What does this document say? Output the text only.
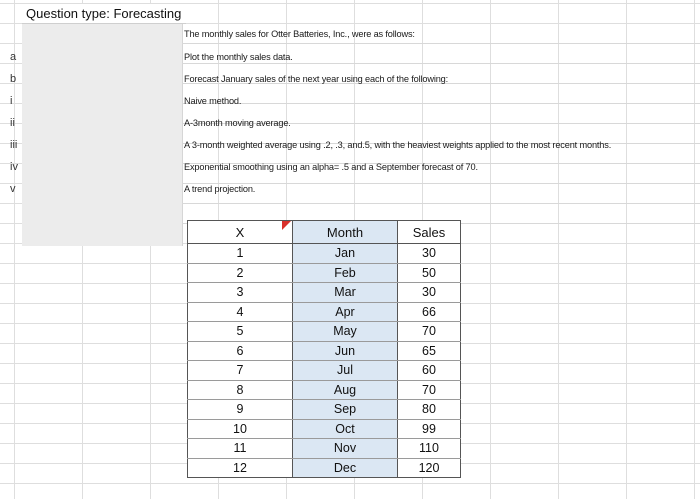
Question type: Forecasting
a
b
i
ii
iii
iv
v
The monthly sales for Otter Batteries, Inc., were as follows:
Plot the monthly sales data.
Forecast January sales of the next year using each of the following:
Naive method.
A-3month moving average.
A 3-month weighted average using .2, .3, and.5, with the heaviest weights applied to the most recent months.
Exponential smoothing using an alpha= .5 and a September forecast of 70.
A trend projection.
X	Month	Sales
1	Jan	30
2	Feb	50
3	Mar	30
4	Apr	66
5	May	70
6	Jun	65
7	Jul	60
8	Aug	70
9	Sep	80
10	Oct	99
11	Nov	110
12	Dec	120
